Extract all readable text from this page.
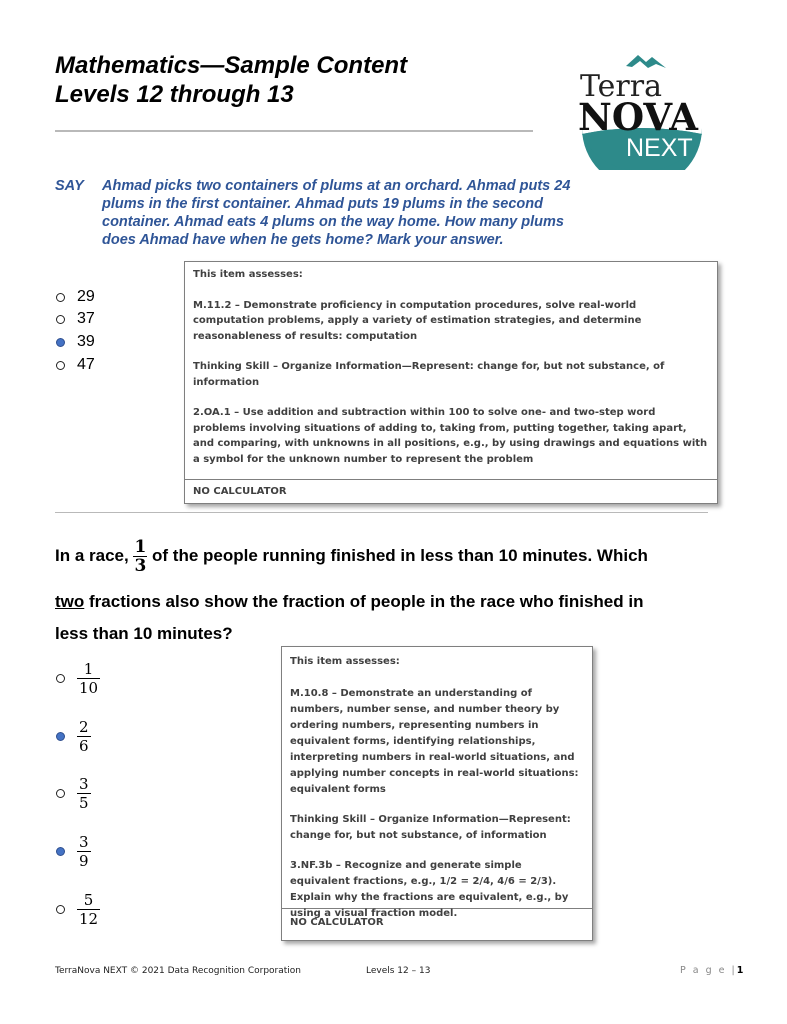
Mathematics—Sample Content
Levels 12 through 13	Terra
NOVA
NEXT
SAY Ahmad picks two containers of plums at an orchard. Ahmad puts 24 plums in the first container. Ahmad puts 19 plums in the second container. Ahmad eats 4 plums on the way home. How many plums does Ahmad have when he gets home? Mark your answer.
29
37
39
47

This item assesses:

M.11.2 – Demonstrate proficiency in computation procedures, solve real-world computation problems, apply a variety of estimation strategies, and determine reasonableness of results: computation

Thinking Skill – Organize Information—Represent: change for, but not substance, of information

2.OA.1 – Use addition and subtraction within 100 to solve one- and two-step word problems involving situations of adding to, taking from, putting together, taking apart, and comparing, with unknowns in all positions, e.g., by using drawings and equations with a symbol for the unknown number to represent the problem

NO CALCULATOR
In a race, $\frac{1}{3}$ of the people running finished in less than 10 minutes. Which
two fractions also show the fraction of people in the race who finished in
less than 10 minutes?
$\frac{1}{10}$
$\frac{2}{6}$
$\frac{3}{5}$
$\frac{3}{9}$
$\frac{5}{12}$

This item assesses:

M.10.8 – Demonstrate an understanding of numbers, number sense, and number theory by ordering numbers, representing numbers in equivalent forms, identifying relationships, interpreting numbers in real-world situations, and applying number concepts in real-world situations: equivalent forms

Thinking Skill – Organize Information—Represent: change for, but not substance, of information

3.NF.3b – Recognize and generate simple equivalent fractions, e.g., 1/2 = 2/4, 4/6 = 2/3). Explain why the fractions are equivalent, e.g., by using a visual fraction model.

NO CALCULATOR
TerraNova NEXT © 2021 Data Recognition Corporation	Levels 12 – 13	P a g e |1
